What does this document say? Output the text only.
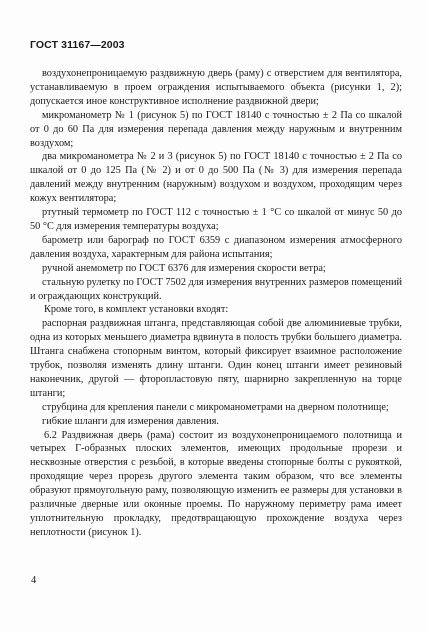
ГОСТ 31167—2003

воздухонепроницаемую раздвижную дверь (раму) с отверстием для вентилятора, устанавливаемую в проем ограждения испытываемого объекта (рисунки 1, 2); допускается иное конструктивное исполнение раздвижной двери;

микроманометр № 1 (рисунок 5) по ГОСТ 18140 с точностью ± 2 Па со шкалой от 0 до 60 Па для измерения перепада давления между наружным и внутренним воздухом;

два микроманометра № 2 и 3 (рисунок 5) по ГОСТ 18140 с точностью ± 2 Па со шкалой от 0 до 125 Па (№ 2) и от 0 до 500 Па (№ 3) для измерения перепада давлений между внутренним (наружным) воздухом и воздухом, проходящим через кожух вентилятора;

ртутный термометр по ГОСТ 112 с точностью ± 1 °С со шкалой от минус 50 до 50 °С для измерения температуры воздуха;

барометр или барограф по ГОСТ 6359 с диапазоном измерения атмосферного давления воздуха, характерным для района испытания;

ручной анемометр по ГОСТ 6376 для измерения скорости ветра;

стальную рулетку по ГОСТ 7502 для измерения внутренних размеров помещений и ограждающих конструкций.

Кроме того, в комплект установки входят:

распорная раздвижная штанга, представляющая собой две алюминиевые трубки, одна из которых меньшего диаметра вдвинута в полость трубки большего диаметра. Штанга снабжена стопорным винтом, который фиксирует взаимное расположение трубок, позволяя изменять длину штанги. Один конец штанги имеет резиновый наконечник, другой — фторопластовую пяту, шарнирно закрепленную на торце штанги;

струбцина для крепления панели с микроманометрами на дверном полотнище;

гибкие шланги для измерения давления.

6.2 Раздвижная дверь (рама) состоит из воздухонепроницаемого полотнища и четырех Г-образных плоских элементов, имеющих продольные прорези и несквозные отверстия с резьбой, в которые введены стопорные болты с рукояткой, проходящие через прорезь другого элемента таким образом, что все элементы образуют прямоугольную раму, позволяющую изменить ее размеры для установки в различные дверные или оконные проемы. По наружному периметру рама имеет уплотнительную прокладку, предотвращающую прохождение воздуха через неплотности (рисунок 1).

4
